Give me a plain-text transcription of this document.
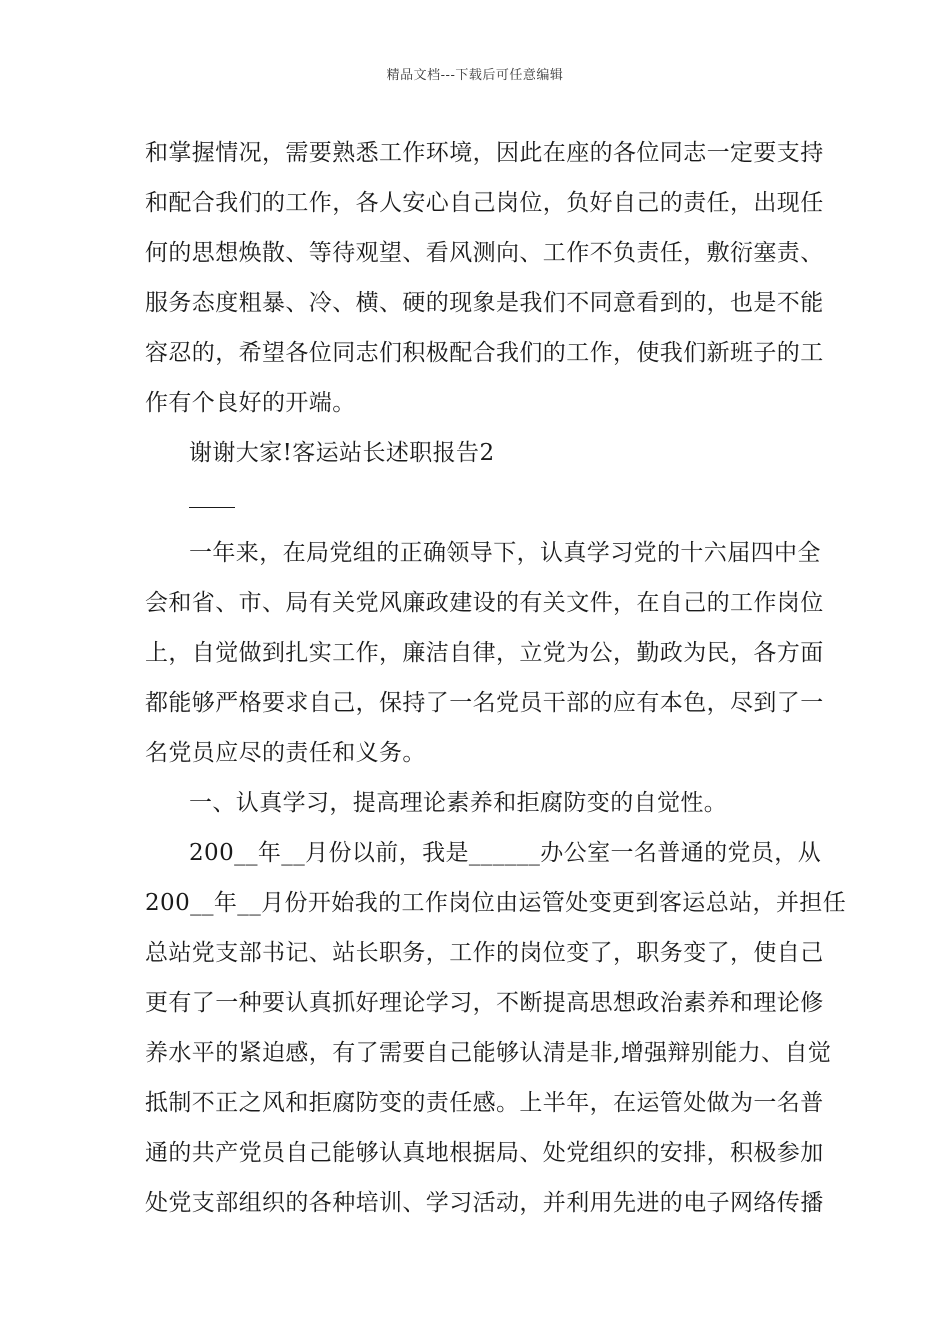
精品文档---下载后可任意编辑
和掌握情况，需要熟悉工作环境，因此在座的各位同志一定要支持
和配合我们的工作，各人安心自己岗位，负好自己的责任，出现任
何的思想焕散、等待观望、看风测向、工作不负责任，敷衍塞责、
服务态度粗暴、冷、横、硬的现象是我们不同意看到的，也是不能
容忍的，希望各位同志们积极配合我们的工作，使我们新班子的工
作有个良好的开端。
谢谢大家!客运站长述职报告2
一年来，在局党组的正确领导下，认真学习党的十六届四中全
会和省、市、局有关党风廉政建设的有关文件，在自己的工作岗位
上，自觉做到扎实工作，廉洁自律，立党为公，勤政为民，各方面
都能够严格要求自己，保持了一名党员干部的应有本色，尽到了一
名党员应尽的责任和义务。
一、认真学习，提高理论素养和拒腐防变的自觉性。
200__年__月份以前，我是______办公室一名普通的党员，从
200__年__月份开始我的工作岗位由运管处变更到客运总站，并担任
总站党支部书记、站长职务，工作的岗位变了，职务变了，使自己
更有了一种要认真抓好理论学习，不断提高思想政治素养和理论修
养水平的紧迫感，有了需要自己能够认清是非,增强辩别能力、自觉
抵制不正之风和拒腐防变的责任感。上半年，在运管处做为一名普
通的共产党员自己能够认真地根据局、处党组织的安排，积极参加
处党支部组织的各种培训、学习活动，并利用先进的电子网络传播
